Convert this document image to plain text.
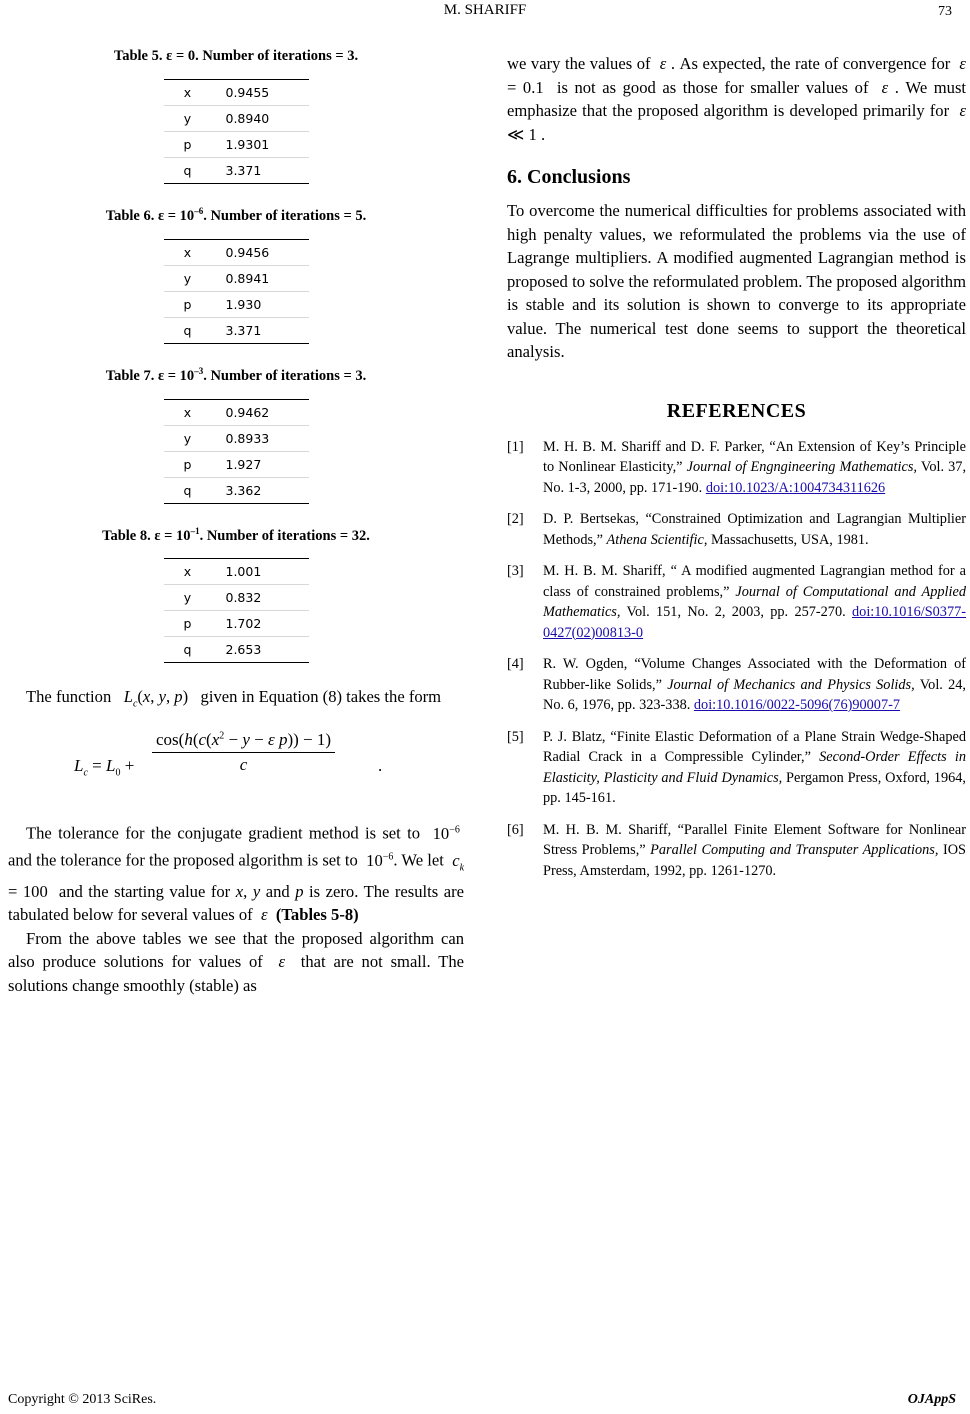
M. SHARIFF	73

Table 5. ε = 0. Number of iterations = 3.

x	0.9455
y	0.8940
p	1.9301
q	3.371

Table 6. $\varepsilon = 10^{-6}$. Number of iterations = 5.

x	0.9456
y	0.8941
p	1.930
q	3.371

Table 7. $\varepsilon = 10^{-3}$. Number of iterations = 3.

x	0.9462
y	0.8933
p	1.927
q	3.362

Table 8. $\varepsilon = 10^{-1}$. Number of iterations = 32.

x	1.001
y	0.832
p	1.702
q	2.653

The function $L_c(x$, y, p)   given in Equation (8) takes the form

$L_c = L_0 + \frac{\cos(h(c(x^2 - y - \varepsilon p)) - 1)}{c}$	.

The tolerance for the conjugate gradient method is set to  $10^{-6}$  and the tolerance for the proposed algorithm is set to  $10^{-6}$. We let $c_k = 100$  and the starting value for x, y and p is zero. The results are tabulated below for several values of ε (Tables 5-8)

From the above tables we see that the proposed algorithm can also produce solutions for values of ε that are not small. The solutions change smoothly (stable) as

we vary the values of ε . As expected, the rate of convergence for ε = 0.1  is not as good as those for smaller values of ε . We must emphasize that the proposed algorithm is developed primarily for ε ≪ 1 .

6. Conclusions

To overcome the numerical difficulties for problems associated with high penalty values, we reformulated the problems via the use of Lagrange multipliers. A modified augmented Lagrangian method is proposed to solve the reformulated problem. The proposed algorithm is stable and its solution is shown to converge to its appropriate value. The numerical test done seems to support the theoretical analysis.

REFERENCES
[1]	M. H. B. M. Shariff and D. F. Parker, “An Extension of Key’s Principle to Nonlinear Elasticity,” Journal of Engngineering Mathematics, Vol. 37, No. 1-3, 2000, pp. 171-190. doi:10.1023/A:1004734311626
[2]	D. P. Bertsekas, “Constrained Optimization and Lagrangian Multiplier Methods,” Athena Scientific, Massachusetts, USA, 1981.
[3]	M. H. B. M. Shariff, “ A modified augmented Lagrangian method for a class of constrained problems,” Journal of Computational and Applied Mathematics, Vol. 151, No. 2, 2003, pp. 257-270. doi:10.1016/S0377-0427(02)00813-0
[4]	R. W. Ogden, “Volume Changes Associated with the Deformation of Rubber-like Solids,” Journal of Mechanics and Physics Solids, Vol. 24, No. 6, 1976, pp. 323-338. doi:10.1016/0022-5096(76)90007-7
[5]	P. J. Blatz, “Finite Elastic Deformation of a Plane Strain Wedge-Shaped Radial Crack in a Compressible Cylinder,” Second-Order Effects in Elasticity, Plasticity and Fluid Dynamics, Pergamon Press, Oxford, 1964, pp. 145-161.
[6]	M. H. B. M. Shariff, “Parallel Finite Element Software for Nonlinear Stress Problems,” Parallel Computing and Transputer Applications, IOS Press, Amsterdam, 1992, pp. 1261-1270.
Copyright © 2013 SciRes.	OJAppS
